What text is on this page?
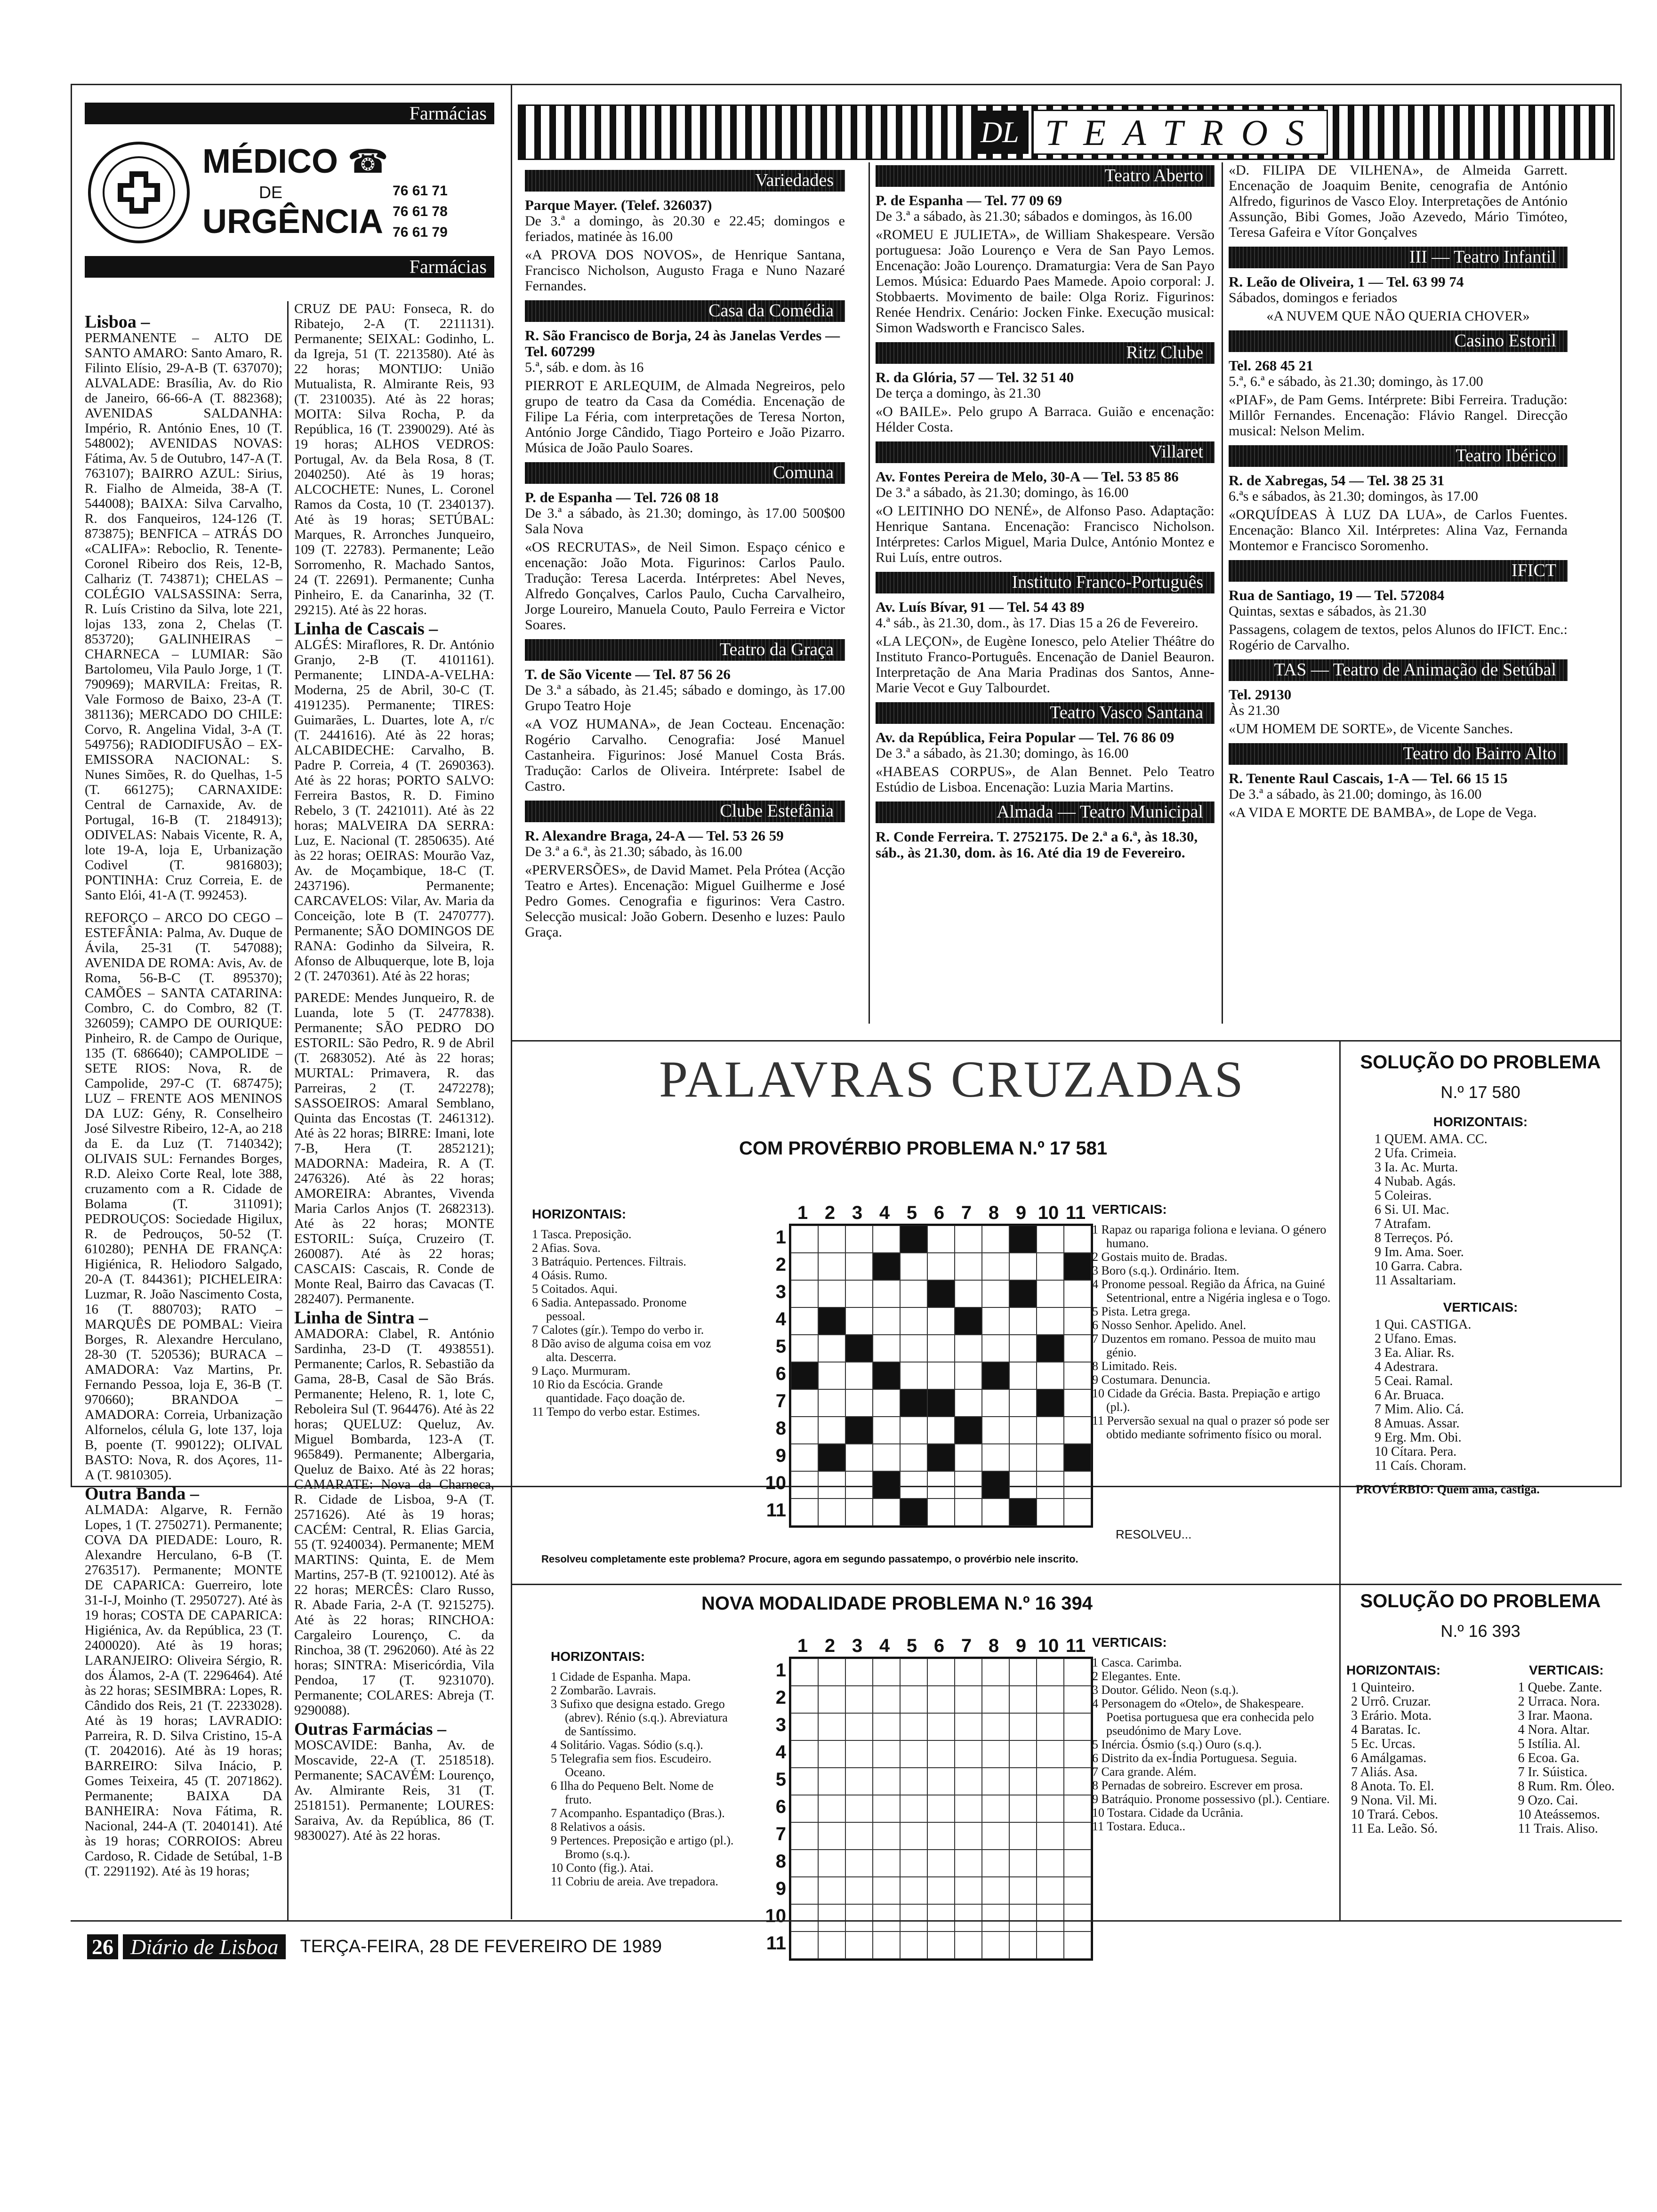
Farmácias
MÉDICO ☎
DE
URGÊNCIA
76 61 71
76 61 78
76 61 79
Farmácias
Lisboa –

PERMANENTE – ALTO DE SANTO AMARO: Santo Amaro, R. Filinto Elísio, 29-A-B (T. 637070); ALVALADE: Brasília, Av. do Rio de Janeiro, 66-66-A (T. 882368); AVENIDAS SALDANHA: Império, R. António Enes, 10 (T. 548002); AVENIDAS NOVAS: Fátima, Av. 5 de Outubro, 147-A (T. 763107); BAIRRO AZUL: Sirius, R. Fialho de Almeida, 38-A (T. 544008); BAIXA: Silva Carvalho, R. dos Fanqueiros, 124-126 (T. 873875); BENFICA – ATRÁS DO «CALIFA»: Reboclio, R. Tenente-Coronel Ribeiro dos Reis, 12-B, Calhariz (T. 743871); CHELAS – COLÉGIO VALSASSINA: Serra, R. Luís Cristino da Silva, lote 221, lojas 133, zona 2, Chelas (T. 853720); GALINHEIRAS – CHARNECA – LUMIAR: São Bartolomeu, Vila Paulo Jorge, 1 (T. 790969); MARVILA: Freitas, R. Vale Formoso de Baixo, 23-A (T. 381136); MERCADO DO CHILE: Corvo, R. Angelina Vidal, 3-A (T. 549756); RADIODIFUSÃO – EX-EMISSORA NACIONAL: S. Nunes Simões, R. do Quelhas, 1-5 (T. 661275); CARNAXIDE: Central de Carnaxide, Av. de Portugal, 16-B (T. 2184913); ODIVELAS: Nabais Vicente, R. A, lote 19-A, loja E, Urbanização Codivel (T. 9816803); PONTINHA: Cruz Correia, E. de Santo Elói, 41-A (T. 992453).

REFORÇO – ARCO DO CEGO – ESTEFÂNIA: Palma, Av. Duque de Ávila, 25-31 (T. 547088); AVENIDA DE ROMA: Avis, Av. de Roma, 56-B-C (T. 895370); CAMÕES – SANTA CATARINA: Combro, C. do Combro, 82 (T. 326059); CAMPO DE OURIQUE: Pinheiro, R. de Campo de Ourique, 135 (T. 686640); CAMPOLIDE – SETE RIOS: Nova, R. de Campolide, 297-C (T. 687475); LUZ – FRENTE AOS MENINOS DA LUZ: Gény, R. Conselheiro José Silvestre Ribeiro, 12-A, ao 218 da E. da Luz (T. 7140342); OLIVAIS SUL: Fernandes Borges, R.D. Aleixo Corte Real, lote 388, cruzamento com a R. Cidade de Bolama (T. 311091); PEDROUÇOS: Sociedade Higilux, R. de Pedrouços, 50-52 (T. 610280); PENHA DE FRANÇA: Higiénica, R. Heliodoro Salgado, 20-A (T. 844361); PICHELEIRA: Luzmar, R. João Nascimento Costa, 16 (T. 880703); RATO – MARQUÊS DE POMBAL: Vieira Borges, R. Alexandre Herculano, 28-30 (T. 520536); BURACA – AMADORA: Vaz Martins, Pr. Fernando Pessoa, loja E, 36-B (T. 970660); BRANDOA – AMADORA: Correia, Urbanização Alfornelos, célula G, lote 137, loja B, poente (T. 990122); OLIVAL BASTO: Nova, R. dos Açores, 11-A (T. 9810305).

Outra Banda –

ALMADA: Algarve, R. Fernão Lopes, 1 (T. 2750271). Permanente; COVA DA PIEDADE: Louro, R. Alexandre Herculano, 6-B (T. 2763517). Permanente; MONTE DE CAPARICA: Guerreiro, lote 31-I-J, Moinho (T. 2950727). Até às 19 horas; COSTA DE CAPARICA: Higiénica, Av. da República, 23 (T. 2400020). Até às 19 horas; LARANJEIRO: Oliveira Sérgio, R. dos Álamos, 2-A (T. 2296464). Até às 22 horas; SESIMBRA: Lopes, R. Cândido dos Reis, 21 (T. 2233028). Até às 19 horas; LAVRADIO: Parreira, R. D. Silva Cristino, 15-A (T. 2042016). Até às 19 horas; BARREIRO: Silva Inácio, P. Gomes Teixeira, 45 (T. 2071862). Permanente; BAIXA DA BANHEIRA: Nova Fátima, R. Nacional, 244-A (T. 2040141). Até às 19 horas; CORROIOS: Abreu Cardoso, R. Cidade de Setúbal, 1-B (T. 2291192). Até às 19 horas;

CRUZ DE PAU: Fonseca, R. do Ribatejo, 2-A (T. 2211131). Permanente; SEIXAL: Godinho, L. da Igreja, 51 (T. 2213580). Até às 22 horas; MONTIJO: União Mutualista, R. Almirante Reis, 93 (T. 2310035). Até às 22 horas; MOITA: Silva Rocha, P. da República, 16 (T. 2390029). Até às 19 horas; ALHOS VEDROS: Portugal, Av. da Bela Rosa, 8 (T. 2040250). Até às 19 horas; ALCOCHETE: Nunes, L. Coronel Ramos da Costa, 10 (T. 2340137). Até às 19 horas; SETÚBAL: Marques, R. Arronches Junqueiro, 109 (T. 22783). Permanente; Leão Sorromenho, R. Machado Santos, 24 (T. 22691). Permanente; Cunha Pinheiro, E. da Canarinha, 32 (T. 29215). Até às 22 horas.

Linha de Cascais –

ALGÉS: Miraflores, R. Dr. António Granjo, 2-B (T. 4101161). Permanente; LINDA-A-VELHA: Moderna, 25 de Abril, 30-C (T. 4191235). Permanente; TIRES: Guimarães, L. Duartes, lote A, r/c (T. 2441616). Até às 22 horas; ALCABIDECHE: Carvalho, B. Padre P. Correia, 4 (T. 2690363). Até às 22 horas; PORTO SALVO: Ferreira Bastos, R. D. Fimino Rebelo, 3 (T. 2421011). Até às 22 horas; MALVEIRA DA SERRA: Luz, E. Nacional (T. 2850635). Até às 22 horas; OEIRAS: Mourão Vaz, Av. de Moçambique, 18-C (T. 2437196). Permanente; CARCAVELOS: Vilar, Av. Maria da Conceição, lote B (T. 2470777). Permanente; SÃO DOMINGOS DE RANA: Godinho da Silveira, R. Afonso de Albuquerque, lote B, loja 2 (T. 2470361). Até às 22 horas;

PAREDE: Mendes Junqueiro, R. de Luanda, lote 5 (T. 2477838). Permanente; SÃO PEDRO DO ESTORIL: São Pedro, R. 9 de Abril (T. 2683052). Até às 22 horas; MURTAL: Primavera, R. das Parreiras, 2 (T. 2472278); SASSOEIROS: Amaral Semblano, Quinta das Encostas (T. 2461312). Até às 22 horas; BIRRE: Imani, lote 7-B, Hera (T. 2852121); MADORNA: Madeira, R. A (T. 2476326). Até às 22 horas; AMOREIRA: Abrantes, Vivenda Maria Carlos Anjos (T. 2682313). Até às 22 horas; MONTE ESTORIL: Suíça, Cruzeiro (T. 260087). Até às 22 horas; CASCAIS: Cascais, R. Conde de Monte Real, Bairro das Cavacas (T. 282407). Permanente.

Linha de Sintra –

AMADORA: Clabel, R. António Sardinha, 23-D (T. 4938551). Permanente; Carlos, R. Sebastião da Gama, 28-B, Casal de São Brás. Permanente; Heleno, R. 1, lote C, Reboleira Sul (T. 964476). Até às 22 horas; QUELUZ: Queluz, Av. Miguel Bombarda, 123-A (T. 965849). Permanente; Albergaria, Queluz de Baixo. Até às 22 horas; CAMARATE: Nova da Charneca, R. Cidade de Lisboa, 9-A (T. 2571626). Até às 19 horas; CACÉM: Central, R. Elias Garcia, 55 (T. 9240034). Permanente; MEM MARTINS: Quinta, E. de Mem Martins, 257-B (T. 9210012). Até às 22 horas; MERCÊS: Claro Russo, R. Abade Faria, 2-A (T. 9215275). Até às 22 horas; RINCHOA: Cargaleiro Lourenço, C. da Rinchoa, 38 (T. 2962060). Até às 22 horas; SINTRA: Misericórdia, Vila Pendoa, 17 (T. 9231070). Permanente; COLARES: Abreja (T. 9290088).

Outras Farmácias –

MOSCAVIDE: Banha, Av. de Moscavide, 22-A (T. 2518518). Permanente; SACAVÉM: Lourenço, Av. Almirante Reis, 31 (T. 2518151). Permanente; LOURES: Saraiva, Av. da República, 86 (T. 9830027). Até às 22 horas.

DL TEATROS
Variedades
Parque Mayer. (Telef. 326037)
De 3.ª a domingo, às 20.30 e 22.45; domingos e feriados, matinée às 16.00
«A PROVA DOS NOVOS», de Henrique Santana, Francisco Nicholson, Augusto Fraga e Nuno Nazaré Fernandes.
Casa da Comédia
R. São Francisco de Borja, 24 às Janelas Verdes — Tel. 607299
5.ª, sáb. e dom. às 16
PIERROT E ARLEQUIM, de Almada Negreiros, pelo grupo de teatro da Casa da Comédia. Encenação de Filipe La Féria, com interpretações de Teresa Norton, António Jorge Cândido, Tiago Porteiro e João Pizarro. Música de João Paulo Soares.
Comuna
P. de Espanha — Tel. 726 08 18
De 3.ª a sábado, às 21.30; domingo, às 17.00 500$00 Sala Nova
«OS RECRUTAS», de Neil Simon. Espaço cénico e encenação: João Mota. Figurinos: Carlos Paulo. Tradução: Teresa Lacerda. Intérpretes: Abel Neves, Alfredo Gonçalves, Carlos Paulo, Cucha Carvalheiro, Jorge Loureiro, Manuela Couto, Paulo Ferreira e Victor Soares.
Teatro da Graça
T. de São Vicente — Tel. 87 56 26
De 3.ª a sábado, às 21.45; sábado e domingo, às 17.00 Grupo Teatro Hoje
«A VOZ HUMANA», de Jean Cocteau. Encenação: Rogério Carvalho. Cenografia: José Manuel Castanheira. Figurinos: José Manuel Costa Brás. Tradução: Carlos de Oliveira. Intérprete: Isabel de Castro.
Clube Estefânia
R. Alexandre Braga, 24-A — Tel. 53 26 59
De 3.ª a 6.ª, às 21.30; sábado, às 16.00
«PERVERSÕES», de David Mamet. Pela Prótea (Acção Teatro e Artes). Encenação: Miguel Guilherme e José Pedro Gomes. Cenografia e figurinos: Vera Castro. Selecção musical: João Gobern. Desenho e luzes: Paulo Graça.
Teatro Aberto
P. de Espanha — Tel. 77 09 69
De 3.ª a sábado, às 21.30; sábados e domingos, às 16.00
«ROMEU E JULIETA», de William Shakespeare. Versão portuguesa: João Lourenço e Vera de San Payo Lemos. Encenação: João Lourenço. Dramaturgia: Vera de San Payo Lemos. Música: Eduardo Paes Mamede. Apoio corporal: J. Stobbaerts. Movimento de baile: Olga Roriz. Figurinos: Renée Hendrix. Cenário: Jocken Finke. Execução musical: Simon Wadsworth e Francisco Sales.
Ritz Clube
R. da Glória, 57 — Tel. 32 51 40
De terça a domingo, às 21.30
«O BAILE». Pelo grupo A Barraca. Guião e encenação: Hélder Costa.
Villaret
Av. Fontes Pereira de Melo, 30-A — Tel. 53 85 86
De 3.ª a sábado, às 21.30; domingo, às 16.00
«O LEITINHO DO NENÉ», de Alfonso Paso. Adaptação: Henrique Santana. Encenação: Francisco Nicholson. Intérpretes: Carlos Miguel, Maria Dulce, António Montez e Rui Luís, entre outros.
Instituto Franco-Português
Av. Luís Bívar, 91 — Tel. 54 43 89
4.ª sáb., às 21.30, dom., às 17. Dias 15 a 26 de Fevereiro.
«LA LEÇON», de Eugène Ionesco, pelo Atelier Théâtre do Instituto Franco-Português. Encenação de Daniel Beauron. Interpretação de Ana Maria Pradinas dos Santos, Anne-Marie Vecot e Guy Talbourdet.
Teatro Vasco Santana
Av. da República, Feira Popular — Tel. 76 86 09
De 3.ª a sábado, às 21.30; domingo, às 16.00
«HABEAS CORPUS», de Alan Bennet. Pelo Teatro Estúdio de Lisboa. Encenação: Luzia Maria Martins.
Almada — Teatro Municipal
R. Conde Ferreira. T. 2752175. De 2.ª a 6.ª, às 18.30, sáb., às 21.30, dom. às 16. Até dia 19 de Fevereiro.
«D. FILIPA DE VILHENA», de Almeida Garrett. Encenação de Joaquim Benite, cenografia de António Alfredo, figurinos de Vasco Eloy. Interpretações de António Assunção, Bibi Gomes, João Azevedo, Mário Timóteo, Teresa Gafeira e Vítor Gonçalves
III — Teatro Infantil
R. Leão de Oliveira, 1 — Tel. 63 99 74
Sábados, domingos e feriados
«A NUVEM QUE NÃO QUERIA CHOVER»
Casino Estoril
Tel. 268 45 21
5.ª, 6.ª e sábado, às 21.30; domingo, às 17.00
«PIAF», de Pam Gems. Intérprete: Bibi Ferreira. Tradução: Millôr Fernandes. Encenação: Flávio Rangel. Direcção musical: Nelson Melim.
Teatro Ibérico
R. de Xabregas, 54 — Tel. 38 25 31
6.ªs e sábados, às 21.30; domingos, às 17.00
«ORQUÍDEAS À LUZ DA LUA», de Carlos Fuentes. Encenação: Blanco Xil. Intérpretes: Alina Vaz, Fernanda Montemor e Francisco Soromenho.
IFICT
Rua de Santiago, 19 — Tel. 572084
Quintas, sextas e sábados, às 21.30
Passagens, colagem de textos, pelos Alunos do IFICT. Enc.: Rogério de Carvalho.
TAS — Teatro de Animação de Setúbal
Tel. 29130
Às 21.30
«UM HOMEM DE SORTE», de Vicente Sanches.
Teatro do Bairro Alto
R. Tenente Raul Cascais, 1-A — Tel. 66 15 15
De 3.ª a sábado, às 21.00; domingo, às 16.00
«A VIDA E MORTE DE BAMBA», de Lope de Vega.
PALAVRAS CRUZADAS
COM PROVÉRBIO PROBLEMA N.º 17 581
HORIZONTAIS:
1 Tasca. Preposição.
2 Afias. Sova.
3 Batráquio. Pertences. Filtrais.
4 Oásis. Rumo.
5 Coitados. Aqui.
6 Sadia. Antepassado. Pronome pessoal.
7 Calotes (gír.). Tempo do verbo ir.
8 Dão aviso de alguma coisa em voz alta. Descerra.
9 Laço. Murmuram.
10 Rio da Escócia. Grande quantidade. Faço doação de.
11 Tempo do verbo estar. Estimes.
1 2 3 4 5 6 7 8 9 10 11
1
2
3
4
5
6
7
8
9
10
11
VERTICAIS:
1 Rapaz ou rapariga foliona e leviana. O género humano.
2 Gostais muito de. Bradas.
3 Boro (s.q.). Ordinário. Item.
4 Pronome pessoal. Região da África, na Guiné Setentrional, entre a Nigéria inglesa e o Togo.
5 Pista. Letra grega.
6 Nosso Senhor. Apelido. Anel.
7 Duzentos em romano. Pessoa de muito mau génio.
8 Limitado. Reis.
9 Costumara. Denuncia.
10 Cidade da Grécia. Basta. Prepiação e artigo (pl.).
11 Perversão sexual na qual o prazer só pode ser obtido mediante sofrimento físico ou moral.
RESOLVEU...
Resolveu completamente este problema? Procure, agora em segundo passatempo, o provérbio nele inscrito.
SOLUÇÃO DO PROBLEMA
N.º 17 580
HORIZONTAIS:
1 QUEM. AMA. CC.
2 Ufa. Crimeia.
3 Ia. Ac. Murta.
4 Nubab. Agás.
5 Coleiras.
6 Si. UI. Mac.
7 Atrafam.
8 Terreços. Pó.
9 Im. Ama. Soer.
10 Garra. Cabra.
11 Assaltariam.
VERTICAIS:
1 Qui. CASTIGA.
2 Ufano. Emas.
3 Ea. Aliar. Rs.
4 Adestrara.
5 Ceai. Ramal.
6 Ar. Bruaca.
7 Mim. Alio. Cá.
8 Amuas. Assar.
9 Erg. Mm. Obi.
10 Cítara. Pera.
11 Caís. Choram.
PROVÉRBIO: Quem ama, castiga.
NOVA MODALIDADE PROBLEMA N.º 16 394
HORIZONTAIS:
1 Cidade de Espanha. Mapa.
2 Zombarão. Lavrais.
3 Sufixo que designa estado. Grego (abrev). Rénio (s.q.). Abreviatura de Santíssimo.
4 Solitário. Vagas. Sódio (s.q.).
5 Telegrafia sem fios. Escudeiro. Oceano.
6 Ilha do Pequeno Belt. Nome de fruto.
7 Acompanho. Espantadiço (Bras.).
8 Relativos a oásis.
9 Pertences. Preposição e artigo (pl.). Bromo (s.q.).
10 Conto (fig.). Atai.
11 Cobriu de areia. Ave trepadora.
1 2 3 4 5 6 7 8 9 10 11
1
2
3
4
5
6
7
8
9
10
11
VERTICAIS:
1 Casca. Carimba.
2 Elegantes. Ente.
3 Doutor. Gélido. Neon (s.q.).
4 Personagem do «Otelo», de Shakespeare. Poetisa portuguesa que era conhecida pelo pseudónimo de Mary Love.
5 Inércia. Ósmio (s.q.) Ouro (s.q.).
6 Distrito da ex-Índia Portuguesa. Seguia.
7 Cara grande. Além.
8 Pernadas de sobreiro. Escrever em prosa.
9 Batráquio. Pronome possessivo (pl.). Centiare.
10 Tostara. Cidade da Ucrânia.
11 Tostara. Educa..
SOLUÇÃO DO PROBLEMA
N.º 16 393
HORIZONTAIS:
1 Quinteiro.
2 Urrô. Cruzar.
3 Erário. Mota.
4 Baratas. Ic.
5 Ec. Urcas.
6 Amálgamas.
7 Aliás. Asa.
8 Anota. To. El.
9 Nona. Vil. Mi.
10 Trará. Cebos.
11 Ea. Leão. Só.
VERTICAIS:
1 Quebe. Zante.
2 Urraca. Nora.
3 Irar. Maona.
4 Nora. Altar.
5 Istília. Al.
6 Ecoa. Ga.
7 Ir. Súistica.
8 Rum. Rm. Óleo.
9 Ozo. Cai.
10 Ateássemos.
11 Trais. Aliso.
26 Diário de Lisboa	TERÇA-FEIRA, 28 DE FEVEREIRO DE 1989
